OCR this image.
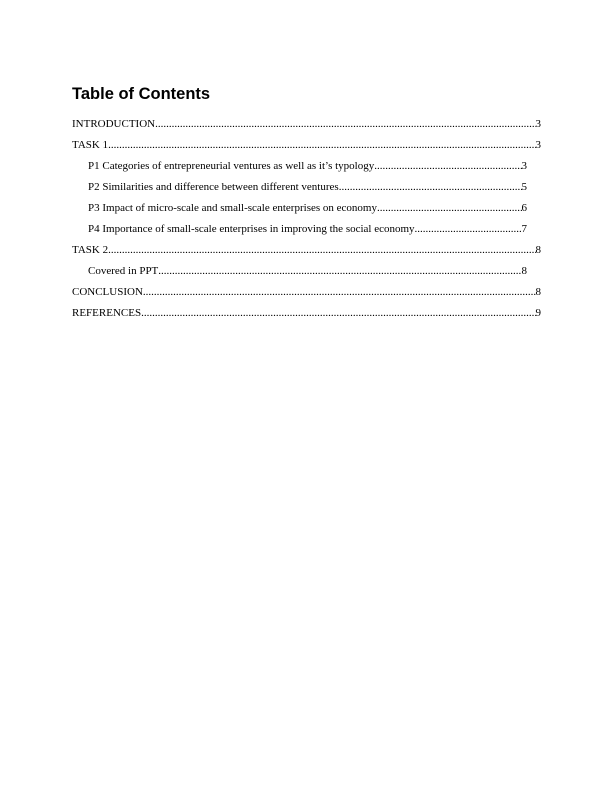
Table of Contents
INTRODUCTION .....	3
TASK 1 .....	3
P1 Categories of entrepreneurial ventures as well as it’s typology .....	3
P2 Similarities and difference between different ventures .....	5
P3 Impact of micro-scale and small-scale enterprises on economy .....	6
P4 Importance of small-scale enterprises in improving the social economy .....	7
TASK 2 .....	8
Covered in PPT .....	8
CONCLUSION .....	8
REFERENCES .....	9
